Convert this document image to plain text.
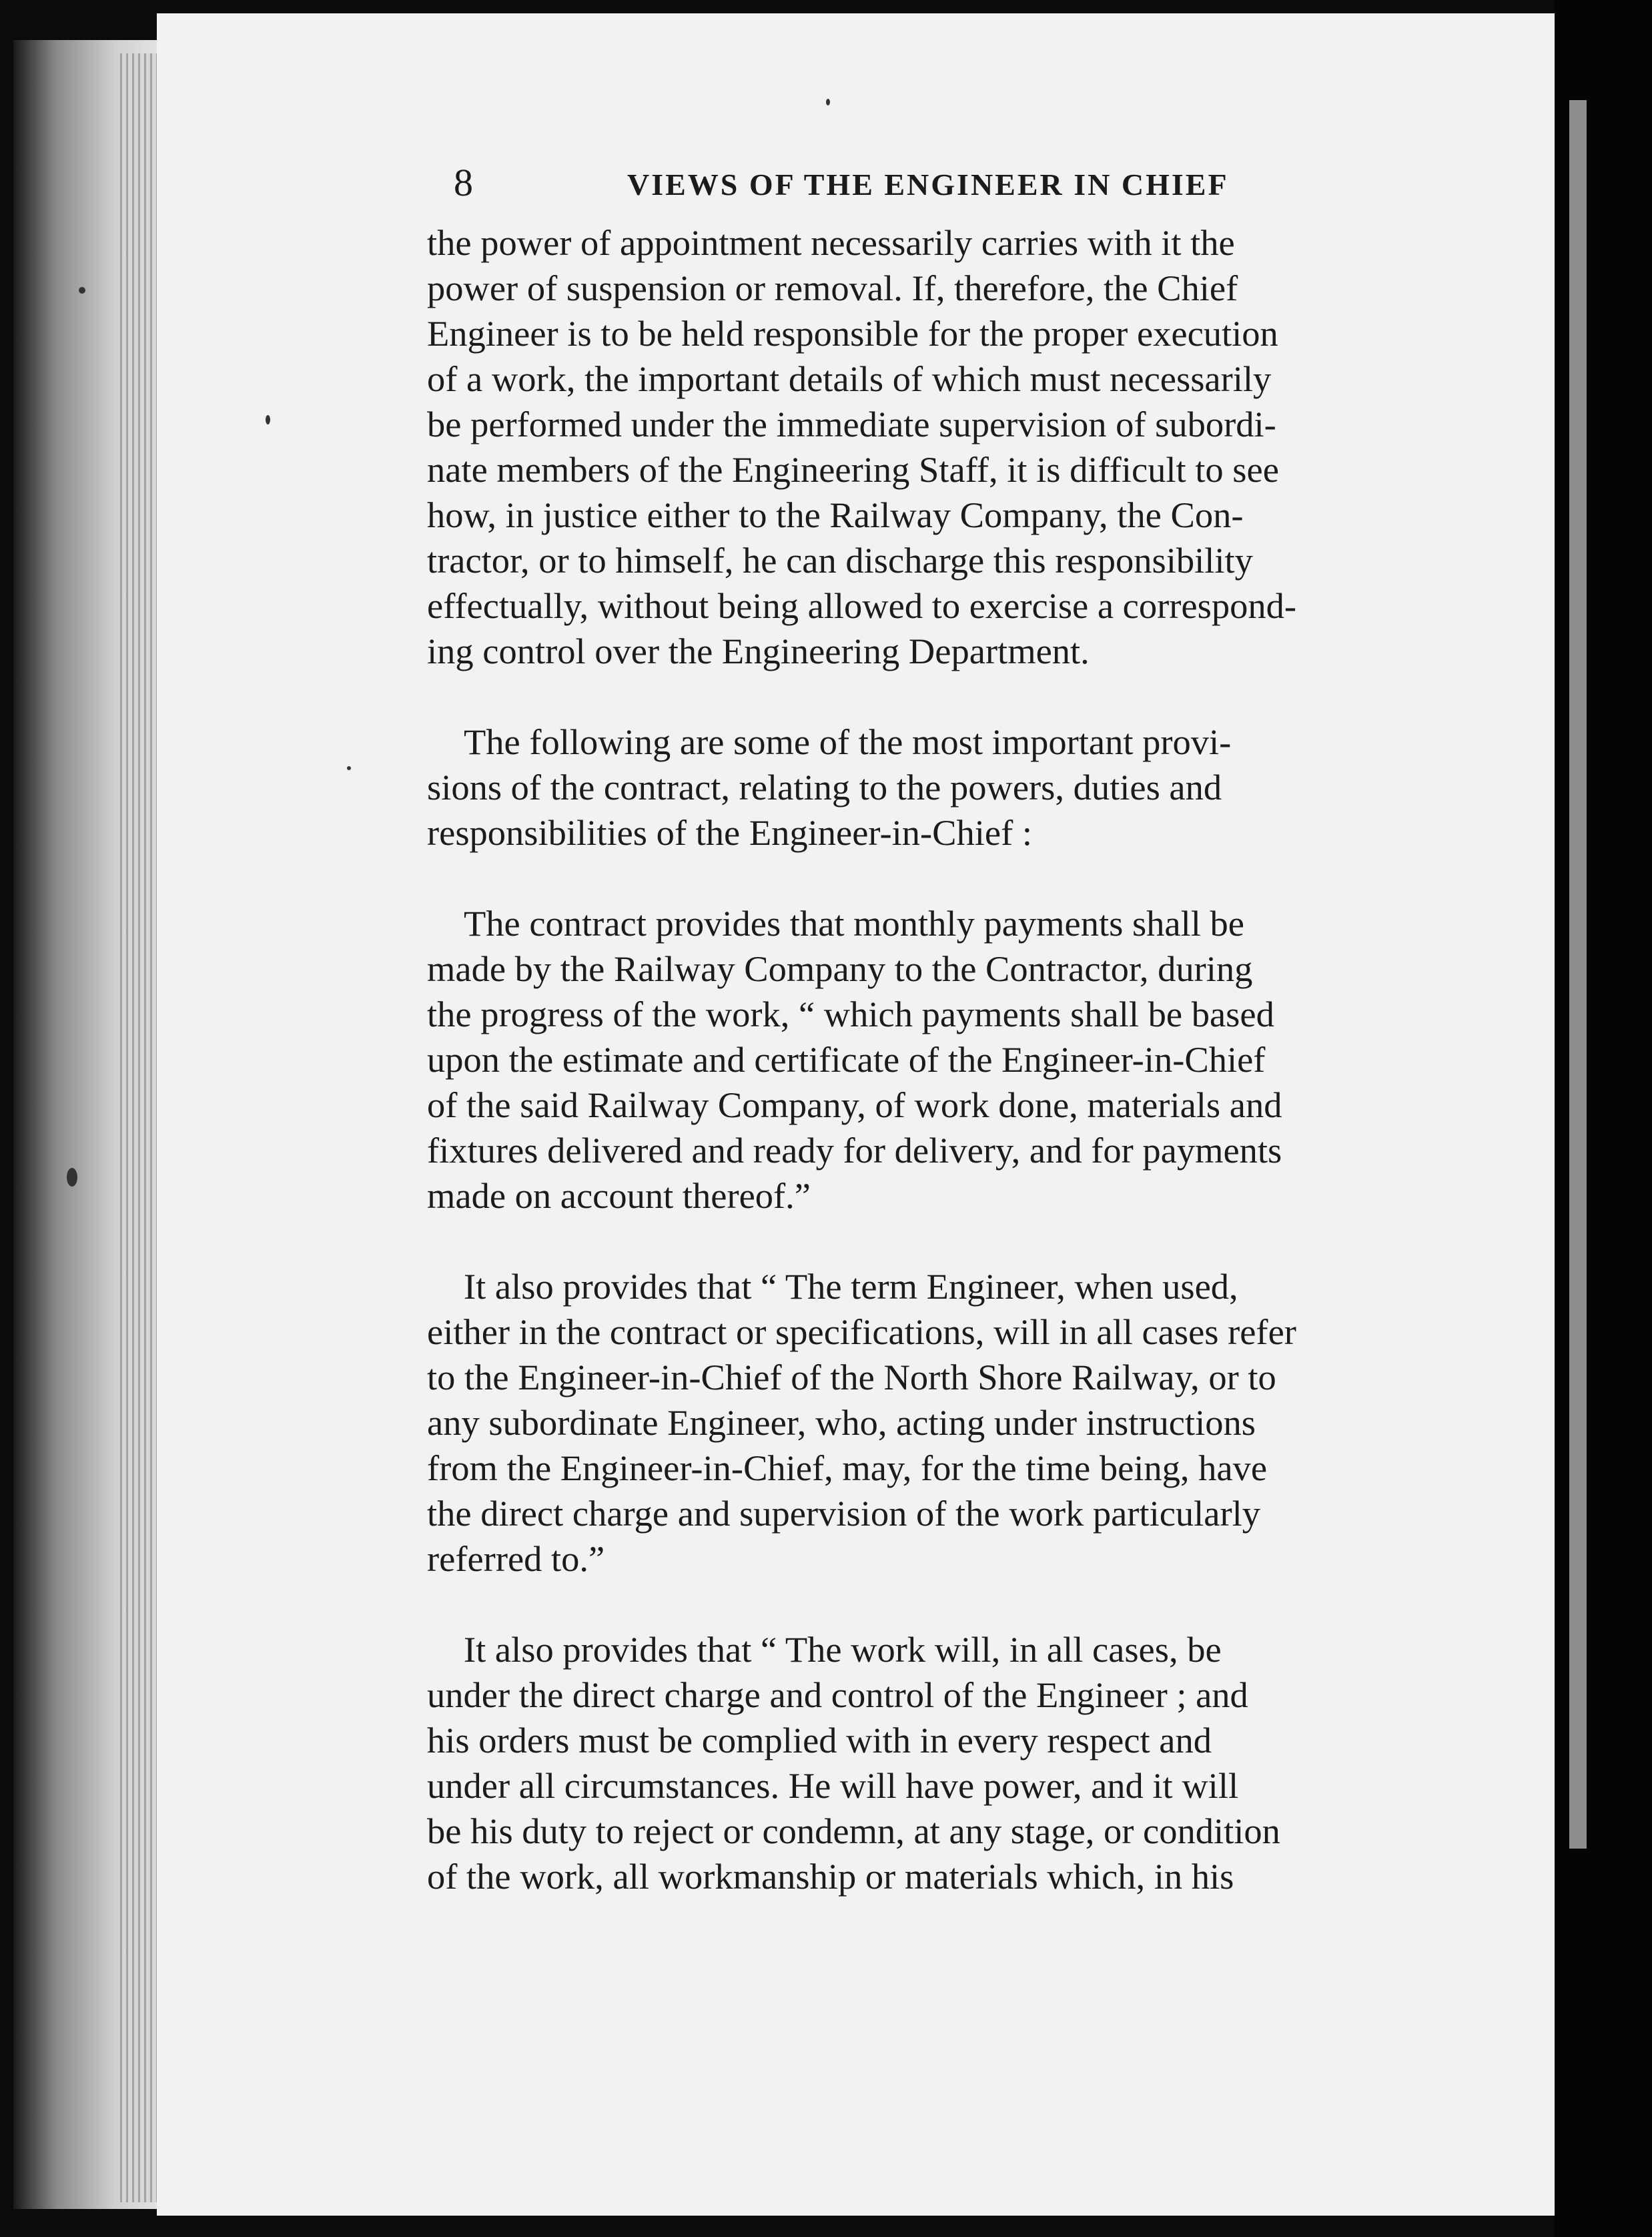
8	VIEWS OF THE ENGINEER IN CHIEF
the power of appointment necessarily carries with it the
power of suspension or removal. If, therefore, the Chief
Engineer is to be held responsible for the proper execution
of a work, the important details of which must necessarily
be performed under the immediate supervision of subordi-
nate members of the Engineering Staff, it is difficult to see
how, in justice either to the Railway Company, the Con-
tractor, or to himself, he can discharge this responsibility
effectually, without being allowed to exercise a correspond-
ing control over the Engineering Department.
The following are some of the most important provi-
sions of the contract, relating to the powers, duties and
responsibilities of the Engineer-in-Chief :
The contract provides that monthly payments shall be
made by the Railway Company to the Contractor, during
the progress of the work, “ which payments shall be based
upon the estimate and certificate of the Engineer-in-Chief
of the said Railway Company, of work done, materials and
fixtures delivered and ready for delivery, and for payments
made on account thereof.”
It also provides that “ The term Engineer, when used,
either in the contract or specifications, will in all cases refer
to the Engineer-in-Chief of the North Shore Railway, or to
any subordinate Engineer, who, acting under instructions
from the Engineer-in-Chief, may, for the time being, have
the direct charge and supervision of the work particularly
referred to.”
It also provides that “ The work will, in all cases, be
under the direct charge and control of the Engineer ; and
his orders must be complied with in every respect and
under all circumstances. He will have power, and it will
be his duty to reject or condemn, at any stage, or condition
of the work, all workmanship or materials which, in his
